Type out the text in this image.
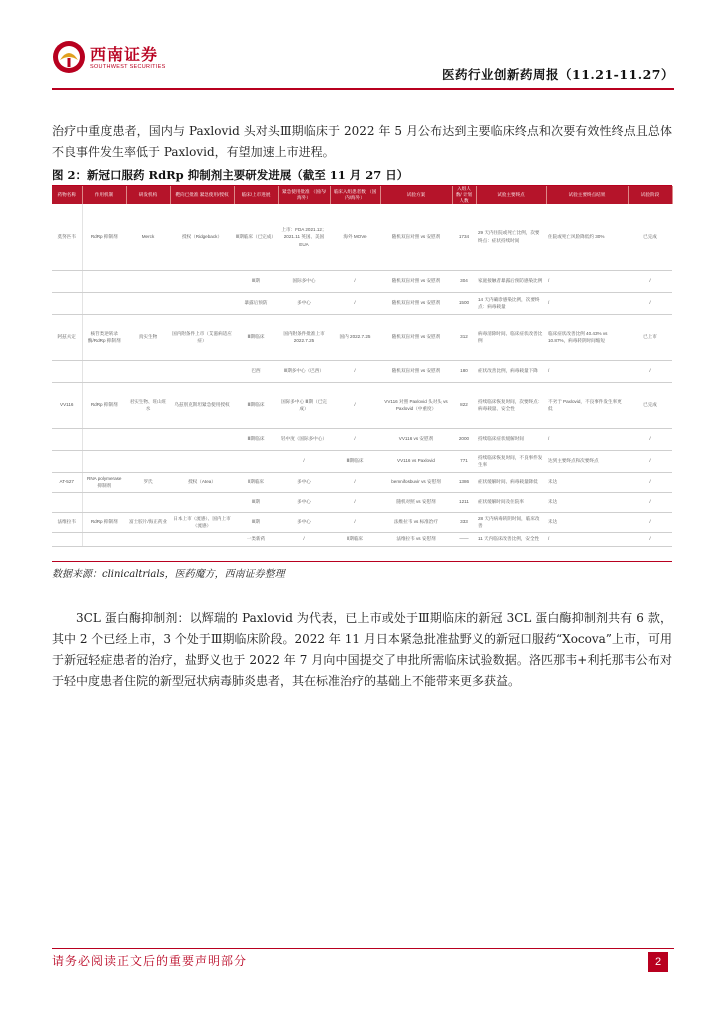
西南证券
SOUTHWEST SECURITIES	医药行业创新药周报（11.21-11.27）
治疗中重度患者，国内与 Paxlovid 头对头Ⅲ期临床于 2022 年 5 月公布达到主要临床终点和次要有效性终点且总体不良事件发生率低于 Paxlovid，有望加速上市进程。
图 2：新冠口服药 RdRp 抑制剂主要研发进展（截至 11 月 27 日）
药物名称	作用机制	研发机构	靶向已批准 紧急使用/授权	临床/上市进展	紧急使用批准 （国内/海外）	临床入组患者数 （国内/海外）	试验方案	入组人数/ 计划人数	试验主要终点	试验主要终点结果	试验阶段
莫努匹韦	RdRp 抑制剂	Merck	授权（Ridgeback）	Ⅲ期临床（已完成）	上市：FDA 2021.12；2021.11 英国、美国 EUA	海外 MOVe	随机双盲对照 vs 安慰剂	1734	29 天内住院或死亡比例，次要终点：症状持续时间	住院或死亡风险降低约 30%	已完成
				Ⅲ期	国际多中心	/	随机双盲对照 vs 安慰剂	304	家庭接触者暴露后预防感染比例	/	/
				暴露后预防	多中心	/	随机双盲对照 vs 安慰剂	1500	14 天内确诊感染比例，次要终点：病毒载量	/	/
阿兹夫定	核苷类逆转录酶/RdRp 抑制剂	真实生物	国内附条件上市（艾滋病适应症）	Ⅲ期临床	国内附条件批准上市 2022.7.25	国内 2022.7.25	随机双盲对照 vs 安慰剂	312	病毒清除时间、临床症状改善比例	临床症状改善比例 40.43% vs 10.87%，病毒转阴时间缩短	已上市
				巴西	Ⅲ期多中心（巴西）	/	随机双盲对照 vs 安慰剂	180	症状改善比例，病毒载量下降	/	/
VV116	RdRp 抑制剂	君实生物、旺山旺水	乌兹别克斯坦紧急使用授权	Ⅲ期临床	国际多中心 Ⅲ期（已完成）	/	VV116 对照 Paxlovid 头对头 vs Paxlovid（中重度）	822	持续临床恢复时间，次要终点：病毒载量、安全性	不劣于 Paxlovid，不良事件发生率更低	已完成
				Ⅲ期临床	轻中度（国际多中心）	/	VV116 vs 安慰剂	2000	持续临床症状缓解时间	/	/
					/	Ⅲ期临床	VV116 vs Paxlovid	771	持续临床恢复时间，不良事件发生率	达到主要终点和次要终点	/
AT-527	RNA polymerase 抑制剂	罗氏	授权（Atea）	Ⅱ期临床	多中心	/	bemnifosbuvir vs 安慰剂	1386	症状缓解时间、病毒载量降低	未达	/
				Ⅲ期	多中心	/	随机对照 vs 安慰剂	1211	症状缓解时间及住院率	未达	/
法维拉韦	RdRp 抑制剂	富士胶片/海正药业	日本上市（流感）、国内上市（流感）	Ⅲ期	多中心	/	法维拉韦 vs 标准治疗	333	28 天内病毒转阴时间，临床改善	未达	/
				一类新药	/	Ⅱ期临床	法维拉韦 vs 安慰剂	——	11 天内临床改善比例，安全性	/	/
数据来源：clinicaltrials，医药魔方，西南证券整理
3CL 蛋白酶抑制剂：以辉瑞的 Paxlovid 为代表，已上市或处于Ⅲ期临床的新冠 3CL 蛋白酶抑制剂共有 6 款，其中 2 个已经上市，3 个处于Ⅲ期临床阶段。2022 年 11 月日本紧急批准盐野义的新冠口服药“Xocova”上市，可用于新冠轻症患者的治疗，盐野义也于 2022 年 7 月向中国提交了申批所需临床试验数据。洛匹那韦+利托那韦公布对于轻中度患者住院的新型冠状病毒肺炎患者，其在标准治疗的基础上不能带来更多获益。
请务必阅读正文后的重要声明部分	2
